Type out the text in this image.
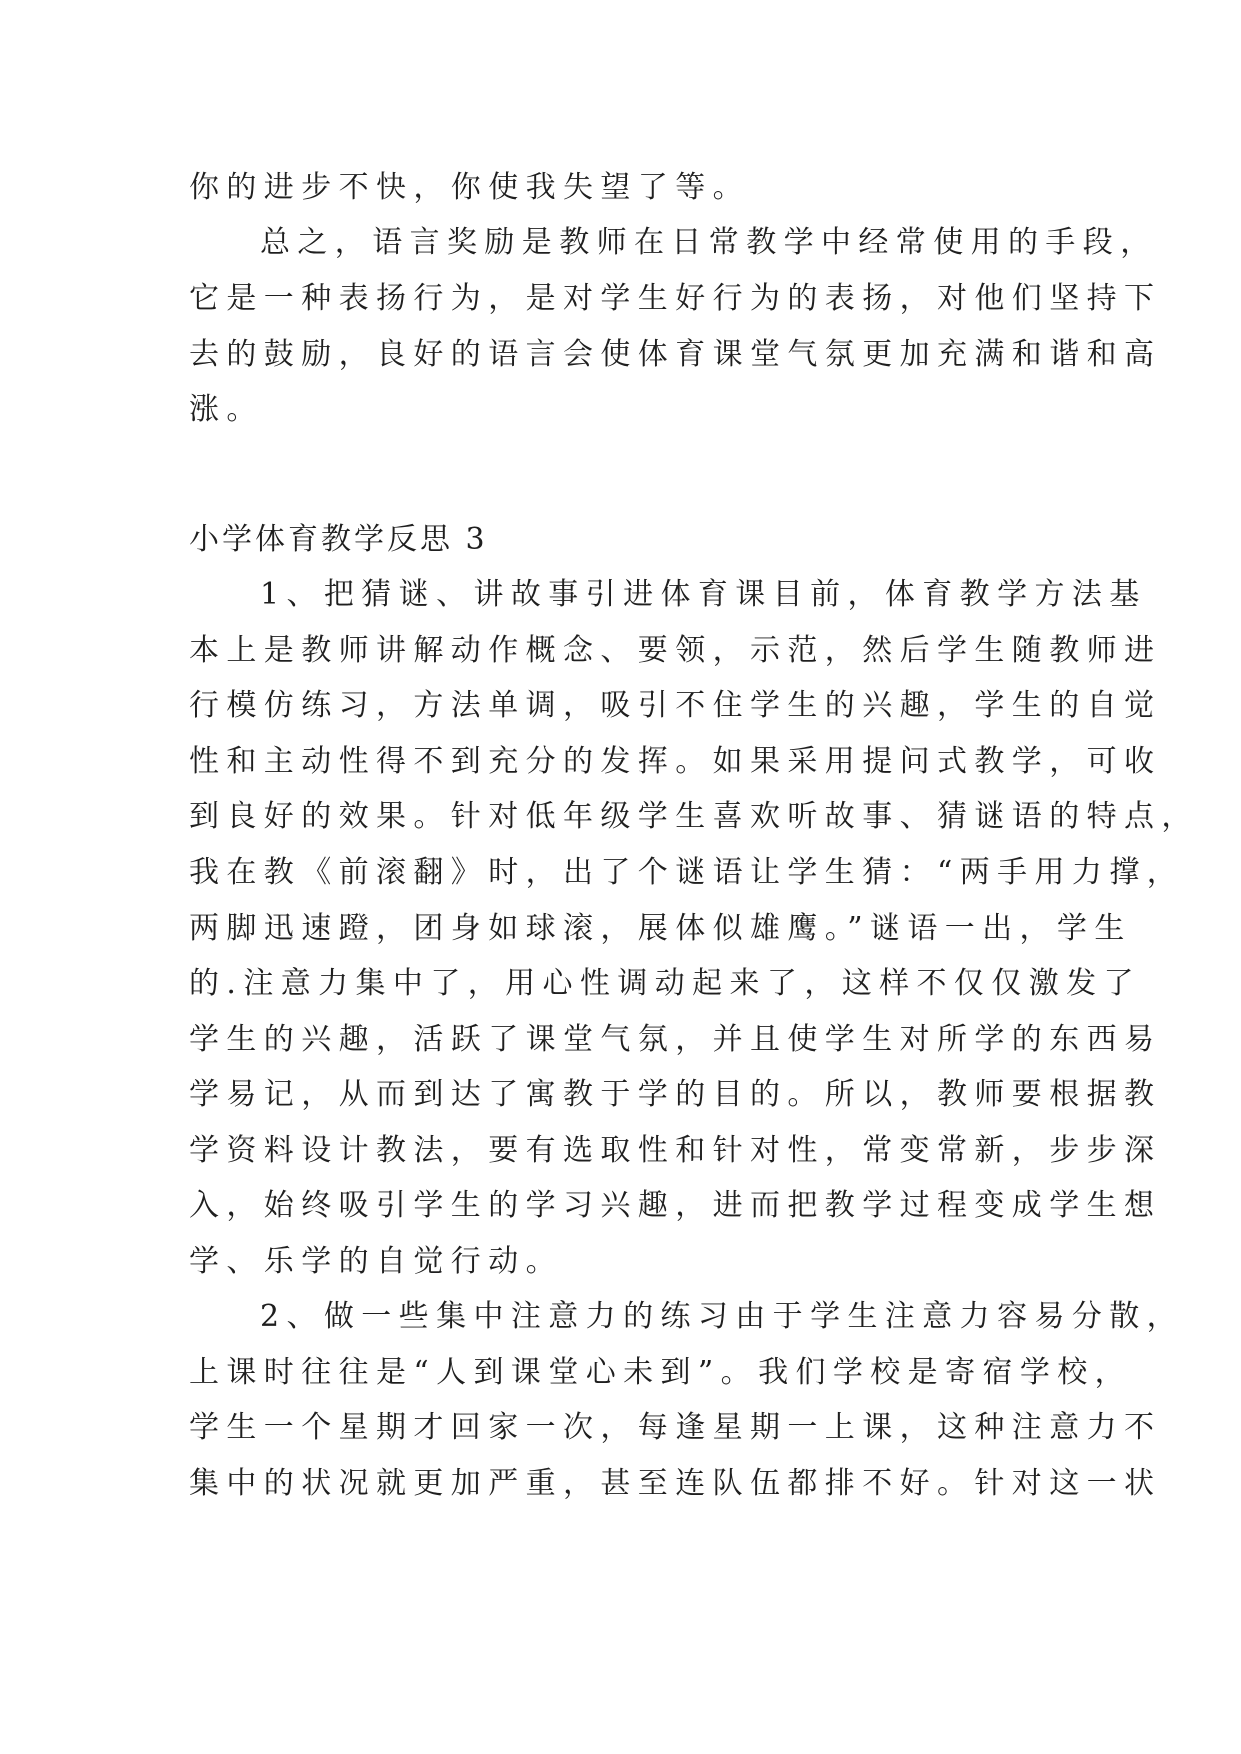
你的进步不快，你使我失望了等。
总之，语言奖励是教师在日常教学中经常使用的手段，
它是一种表扬行为，是对学生好行为的表扬，对他们坚持下
去的鼓励，良好的语言会使体育课堂气氛更加充满和谐和高
涨。
小学体育教学反思 3
1、把猜谜、讲故事引进体育课目前，体育教学方法基
本上是教师讲解动作概念、要领，示范，然后学生随教师进
行模仿练习，方法单调，吸引不住学生的兴趣，学生的自觉
性和主动性得不到充分的发挥。如果采用提问式教学，可收
到良好的效果。针对低年级学生喜欢听故事、猜谜语的特点，
我在教《前滚翻》时，出了个谜语让学生猜：“两手用力撑，
两脚迅速蹬，团身如球滚，展体似雄鹰。”谜语一出，学生
的.注意力集中了，用心性调动起来了，这样不仅仅激发了
学生的兴趣，活跃了课堂气氛，并且使学生对所学的东西易
学易记，从而到达了寓教于学的目的。所以，教师要根据教
学资料设计教法，要有选取性和针对性，常变常新，步步深
入，始终吸引学生的学习兴趣，进而把教学过程变成学生想
学、乐学的自觉行动。
2、做一些集中注意力的练习由于学生注意力容易分散，
上课时往往是“人到课堂心未到”。我们学校是寄宿学校，
学生一个星期才回家一次，每逢星期一上课，这种注意力不
集中的状况就更加严重，甚至连队伍都排不好。针对这一状
